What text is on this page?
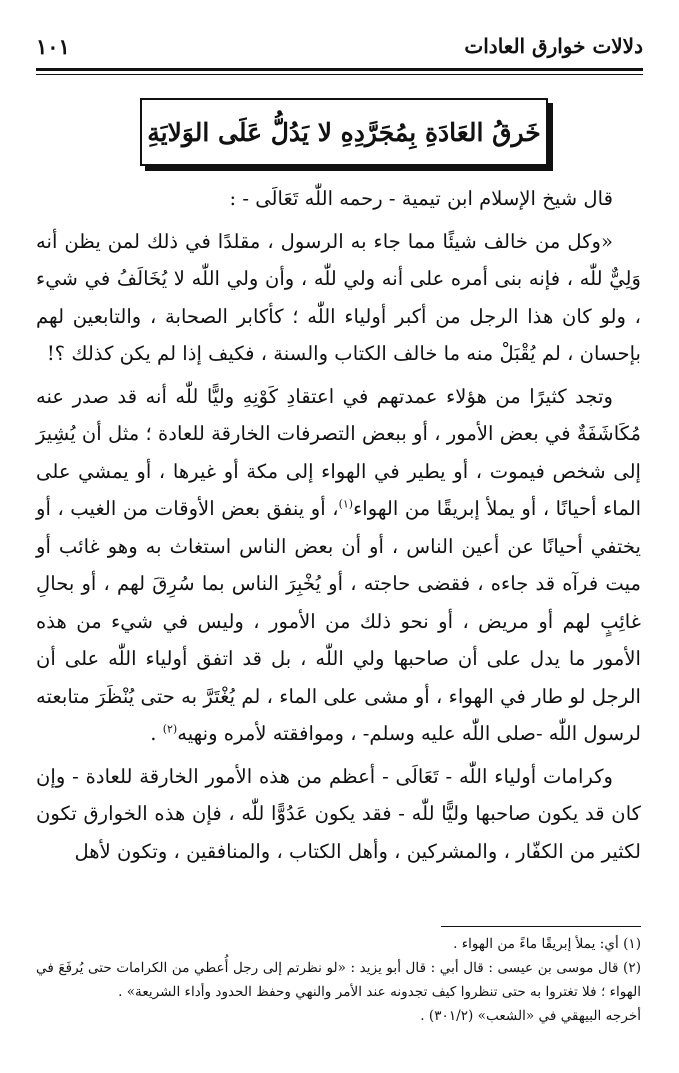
دلالات خوارق العادات
١٠١
خَرقُ العَادَةِ بِمُجَرَّدِهِ لا يَدُلُّ عَلَى الوَلايَةِ

قال شيخ الإسلام ابن تيمية - رحمه اللّٰه تَعَالَى - :

«وكل من خالف شيئًا مما جاء به الرسول ، مقلدًا في ذلك لمن يظن أنه وَلِيٌّ للّٰه ، فإنه بنى أمره على أنه ولي للّٰه ، وأن ولي اللّٰه لا يُخَالَفُ في شيء ، ولو كان هذا الرجل من أكبر أولياء اللّٰه ؛ كأكابر الصحابة ، والتابعين لهم بإحسان ، لم يُقْبَلْ منه ما خالف الكتاب والسنة ، فكيف إذا لم يكن كذلك ؟!

وتجد كثيرًا من هؤلاء عمدتهم في اعتقادِ كَوْنِهِ وليًّا للّٰه أنه قد صدر عنه مُكَاشَفَةٌ في بعض الأمور ، أو ببعض التصرفات الخارقة للعادة ؛ مثل أن يُشِيرَ إلى شخص فيموت ، أو يطير في الهواء إلى مكة أو غيرها ، أو يمشي على الماء أحيانًا ، أو يملأ إبريقًا من الهواء$^{(١)}$، أو ينفق بعض الأوقات من الغيب ، أو يختفي أحيانًا عن أعين الناس ، أو أن بعض الناس استغاث به وهو غائب أو ميت فرآه قد جاءه ، فقضى حاجته ، أو يُخْبِرَ الناس بما سُرِقَ لهم ، أو بحالِ غائِبٍ لهم أو مريض ، أو نحو ذلك من الأمور ، وليس في شيء من هذه الأمور ما يدل على أن صاحبها ولي اللّٰه ، بل قد اتفق أولياء اللّٰه على أن الرجل لو طار في الهواء ، أو مشى على الماء ، لم يُغْتَرَّ به حتى يُنْظَرَ متابعته لرسول اللّٰه -صلى اللّٰه عليه وسلم- ، وموافقته لأمره ونهيه$^{(٢)}$ .

وكرامات أولياء اللّٰه - تَعَالَى - أعظم من هذه الأمور الخارقة للعادة - وإن كان قد يكون صاحبها وليًّا للّٰه - فقد يكون عَدُوًّا للّٰه ، فإن هذه الخوارق تكون لكثير من الكفّار ، والمشركين ، وأهل الكتاب ، والمنافقين ، وتكون لأهل

(١) أي: يملأ إبريقًا ماءً من الهواء .

(٢) قال موسى بن عيسى : قال أبي : قال أبو يزيد : «لو نظرتم إلى رجل أُعطي من الكرامات حتى يُرفَعَ في الهواء ؛ فلا تغتروا به حتى تنظروا كيف تجدونه عند الأمر والنهي وحفظ الحدود وأداء الشريعة» .

أخرجه البيهقي في «الشعب» (٣٠١/٢) .
